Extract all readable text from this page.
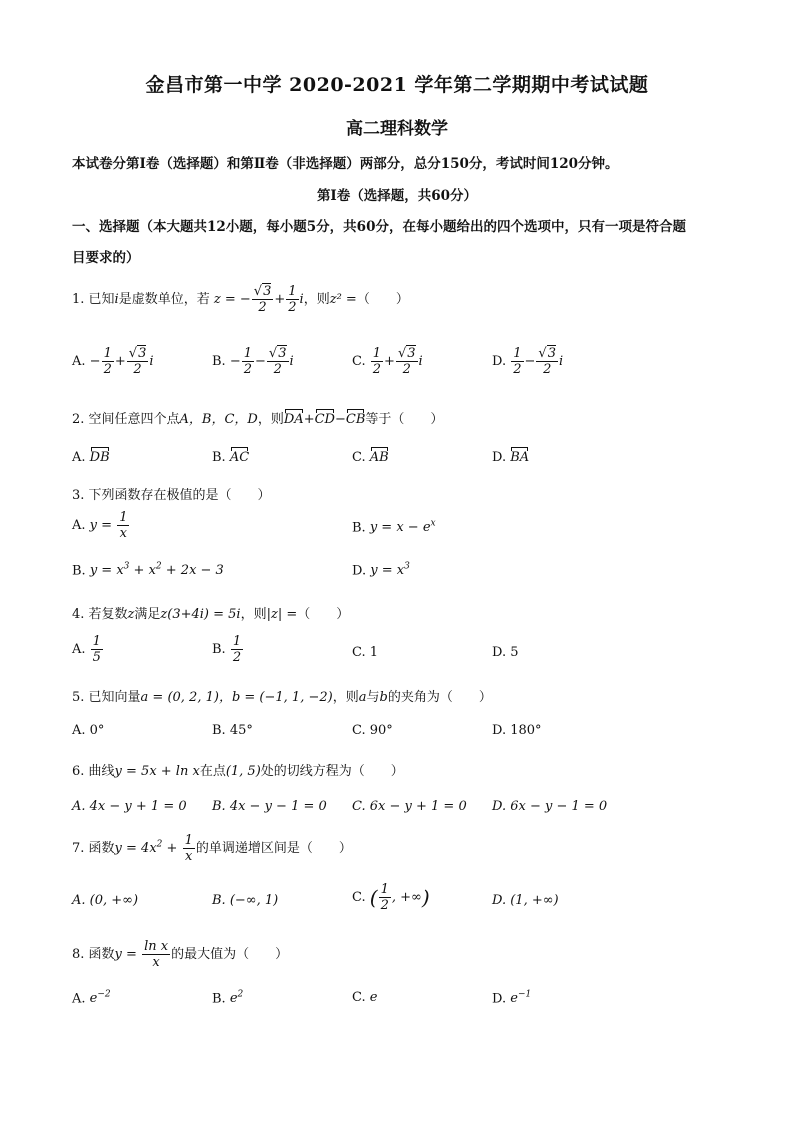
金昌市第一中学 2020-2021 学年第二学期期中考试试题
高二理科数学
本试卷分第Ⅰ卷（选择题）和第Ⅱ卷（非选择题）两部分，总分150分，考试时间120分钟。
第Ⅰ卷（选择题，共60分）
一、选择题（本大题共12小题，每小题5分，共60分，在每小题给出的四个选项中，只有一项是符合题
目要求的）
1. 已知i是虚数单位，若 z = − $\frac{√3}{2} + \frac{1}{2}$ i，则z² =（　　）
A. − $\frac{1}{2} + \frac{√3}{2}$ i	B. − $\frac{1}{2} - \frac{√3}{2}$ i	C. $\frac{1}{2} + \frac{√3}{2}$ i	D. $\frac{1}{2} - \frac{√3}{2}$ i
2. 空间任意四个点A，B，C，D，则DA+CD−CB等于（　　）
A. DB	B. AC	C. AB	D. BA
3. 下列函数存在极值的是（　　）
A. $y = \frac{1}{x}$	B. $y = x - e^x$
B. $y = x^3 + x^2 + 2x - 3$	D. $y = x^3$
4. 若复数z满足z(3+4i) = 5i，则|z| =（　　）
A. $\frac{1}{5}$	B. $\frac{1}{2}$	C. 1	D. 5
5. 已知向量a = (0, 2, 1)，b = (−1, 1, −2)，则a与b的夹角为（　　）
A. 0°	B. 45°	C. 90°	D. 180°
6. 曲线y = 5x + ln x在点(1, 5)处的切线方程为（　　）
A. 4x − y + 1 = 0 B. 4x − y − 1 = 0 C. 6x − y + 1 = 0 D. 6x − y − 1 = 0
7. 函数$y = 4x^2 + \frac{1}{x}$ 的单调递增区间是（　　）
A. (0, +∞)	B. (−∞, 1)	C. ( $\frac{1}{2}$ , +∞)	D. (1, +∞)
8. 函数$y = \frac{\text{ln x}}{x}$ 的最大值为（　　）
A. $e^{-2}$	B. $e^2$	C. e	D. $e^{-1}$
